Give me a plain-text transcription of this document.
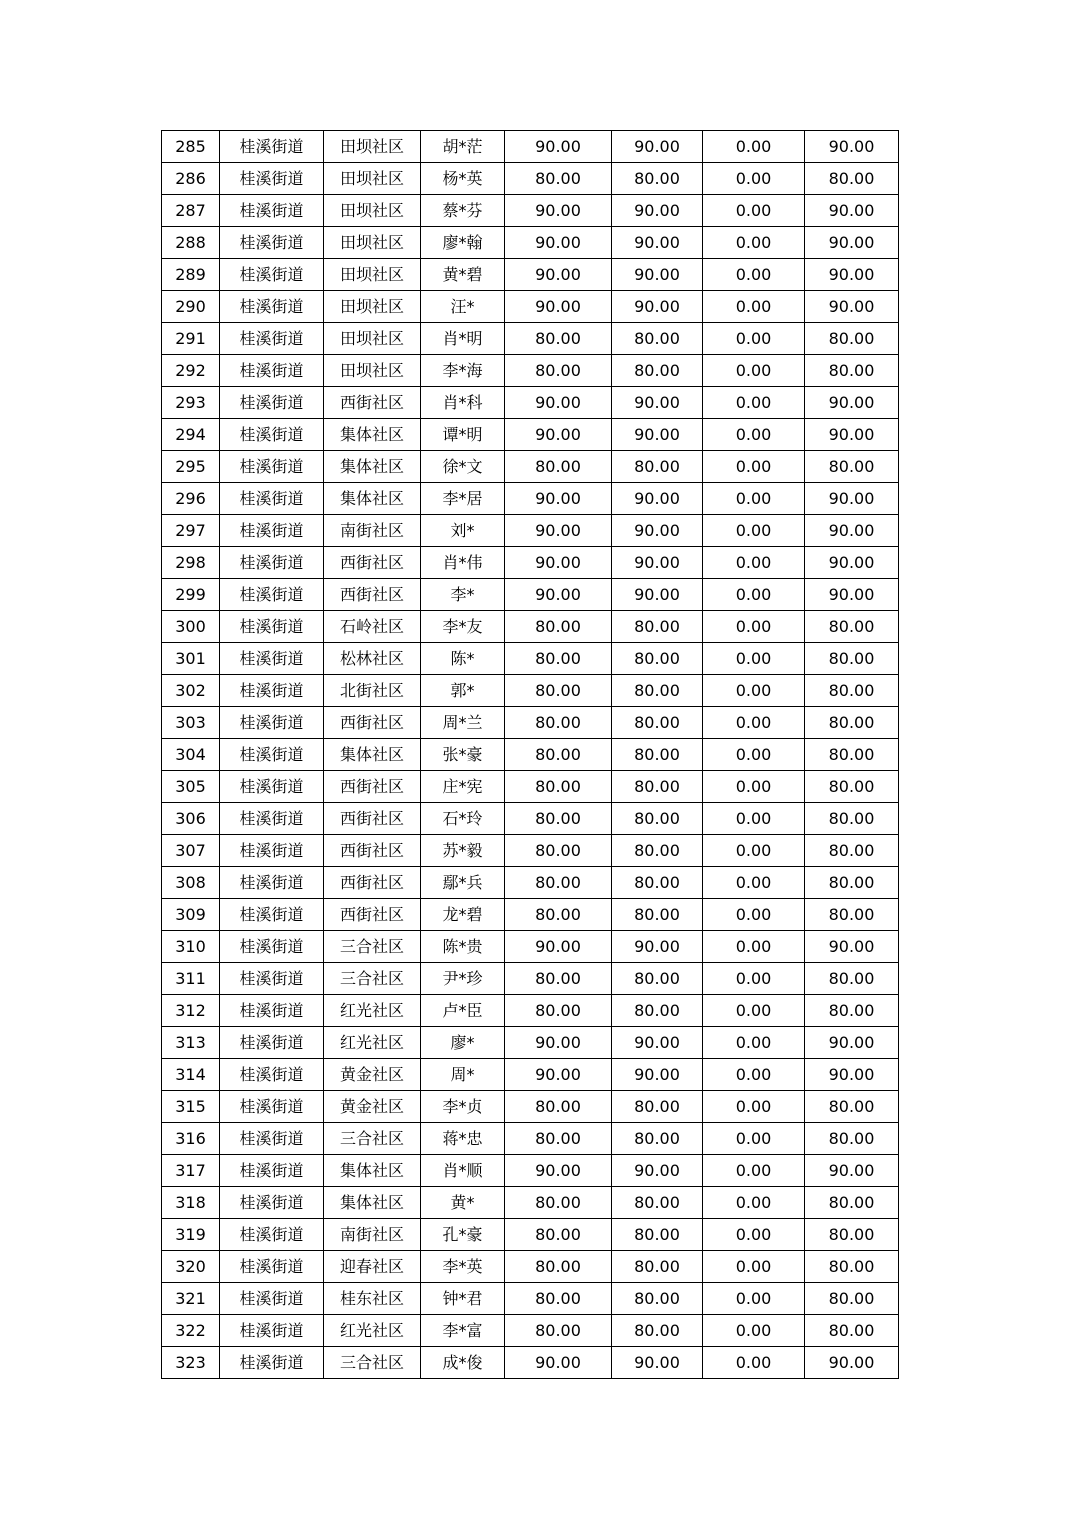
285	桂溪街道	田坝社区	胡*茫	90.00	90.00	0.00	90.00
286	桂溪街道	田坝社区	杨*英	80.00	80.00	0.00	80.00
287	桂溪街道	田坝社区	蔡*芬	90.00	90.00	0.00	90.00
288	桂溪街道	田坝社区	廖*翰	90.00	90.00	0.00	90.00
289	桂溪街道	田坝社区	黄*碧	90.00	90.00	0.00	90.00
290	桂溪街道	田坝社区	汪*	90.00	90.00	0.00	90.00
291	桂溪街道	田坝社区	肖*明	80.00	80.00	0.00	80.00
292	桂溪街道	田坝社区	李*海	80.00	80.00	0.00	80.00
293	桂溪街道	西街社区	肖*科	90.00	90.00	0.00	90.00
294	桂溪街道	集体社区	谭*明	90.00	90.00	0.00	90.00
295	桂溪街道	集体社区	徐*文	80.00	80.00	0.00	80.00
296	桂溪街道	集体社区	李*居	90.00	90.00	0.00	90.00
297	桂溪街道	南街社区	刘*	90.00	90.00	0.00	90.00
298	桂溪街道	西街社区	肖*伟	90.00	90.00	0.00	90.00
299	桂溪街道	西街社区	李*	90.00	90.00	0.00	90.00
300	桂溪街道	石岭社区	李*友	80.00	80.00	0.00	80.00
301	桂溪街道	松林社区	陈*	80.00	80.00	0.00	80.00
302	桂溪街道	北街社区	郭*	80.00	80.00	0.00	80.00
303	桂溪街道	西街社区	周*兰	80.00	80.00	0.00	80.00
304	桂溪街道	集体社区	张*豪	80.00	80.00	0.00	80.00
305	桂溪街道	西街社区	庄*宪	80.00	80.00	0.00	80.00
306	桂溪街道	西街社区	石*玲	80.00	80.00	0.00	80.00
307	桂溪街道	西街社区	苏*毅	80.00	80.00	0.00	80.00
308	桂溪街道	西街社区	鄢*兵	80.00	80.00	0.00	80.00
309	桂溪街道	西街社区	龙*碧	80.00	80.00	0.00	80.00
310	桂溪街道	三合社区	陈*贵	90.00	90.00	0.00	90.00
311	桂溪街道	三合社区	尹*珍	80.00	80.00	0.00	80.00
312	桂溪街道	红光社区	卢*臣	80.00	80.00	0.00	80.00
313	桂溪街道	红光社区	廖*	90.00	90.00	0.00	90.00
314	桂溪街道	黄金社区	周*	90.00	90.00	0.00	90.00
315	桂溪街道	黄金社区	李*贞	80.00	80.00	0.00	80.00
316	桂溪街道	三合社区	蒋*忠	80.00	80.00	0.00	80.00
317	桂溪街道	集体社区	肖*顺	90.00	90.00	0.00	90.00
318	桂溪街道	集体社区	黄*	80.00	80.00	0.00	80.00
319	桂溪街道	南街社区	孔*豪	80.00	80.00	0.00	80.00
320	桂溪街道	迎春社区	李*英	80.00	80.00	0.00	80.00
321	桂溪街道	桂东社区	钟*君	80.00	80.00	0.00	80.00
322	桂溪街道	红光社区	李*富	80.00	80.00	0.00	80.00
323	桂溪街道	三合社区	成*俊	90.00	90.00	0.00	90.00
